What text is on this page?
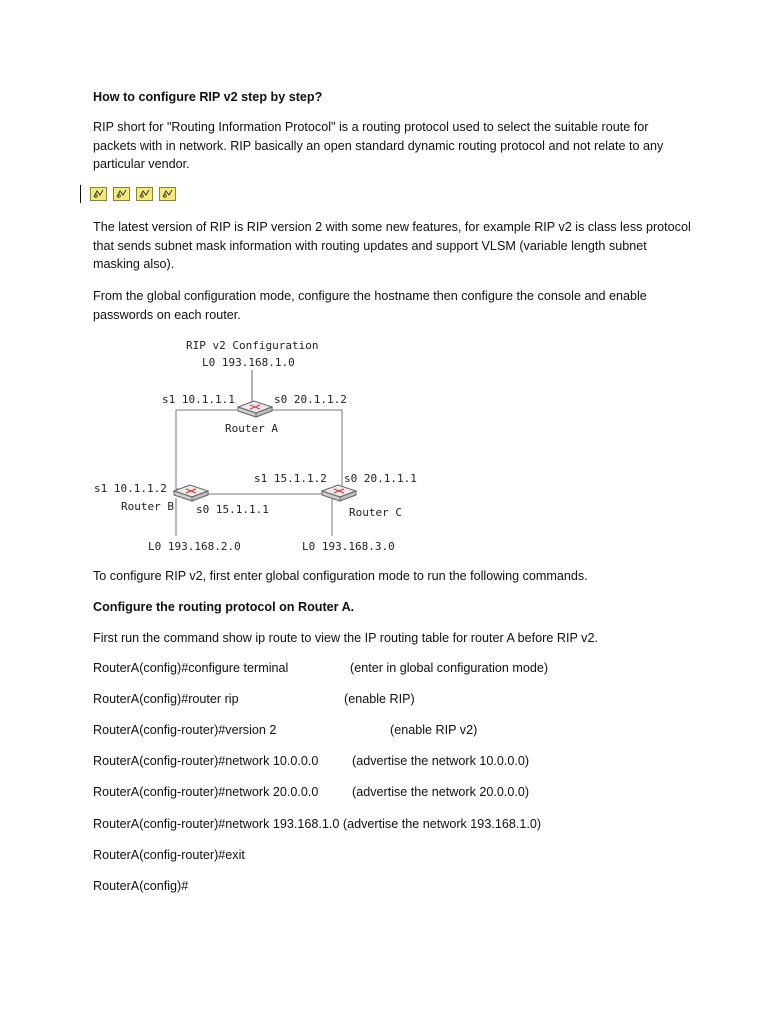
How to configure RIP v2 step by step?

RIP short for "Routing Information Protocol" is a routing protocol used to select the suitable route for packets with in network. RIP basically an open standard dynamic routing protocol and not relate to any particular vendor.

The latest version of RIP is RIP version 2 with some new features, for example RIP v2 is class less protocol that sends subnet mask information with routing updates and support VLSM (variable length subnet masking also).

From the global configuration mode, configure the hostname then configure the console and enable passwords on each router.

RIP v2 Configuration
L0 193.168.1.0
s1 10.1.1.1	s0 20.1.1.2
Router A
s1 15.1.1.2 s0 20.1.1.1
s1 10.1.1.2
Router B s0 15.1.1.1	Router C
L0 193.168.2.0	L0 193.168.3.0

To configure RIP v2, first enter global configuration mode to run the following commands.

Configure the routing protocol on Router A.

First run the command show ip route to view the IP routing table for router A before RIP v2.

RouterA(config)#configure terminal	(enter in global configuration mode)
RouterA(config)#router rip	(enable RIP)
RouterA(config-router)#version 2	(enable RIP v2)
RouterA(config-router)#network 10.0.0.0	(advertise the network 10.0.0.0)
RouterA(config-router)#network 20.0.0.0	(advertise the network 20.0.0.0)
RouterA(config-router)#network 193.168.1.0 (advertise the network 193.168.1.0)
RouterA(config-router)#exit
RouterA(config)#
